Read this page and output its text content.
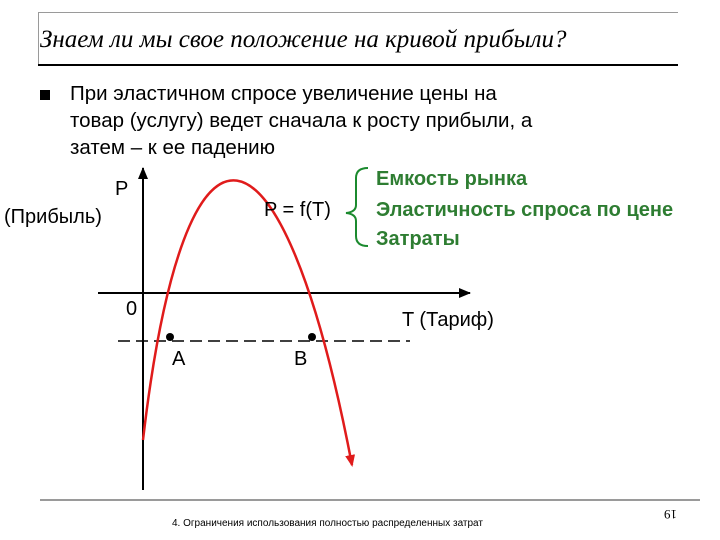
Знаем ли мы свое положение на кривой прибыли?
При эластичном спросе увеличение цены на
товар (услугу) ведет сначала к росту прибыли, а
затем – к ее падению
P
(Прибыль)	P = f(T)
0	T (Тариф)
A	B
Емкость рынка
Эластичность спроса по цене
Затраты
4. Ограничения использования полностью распределенных затрат
19
